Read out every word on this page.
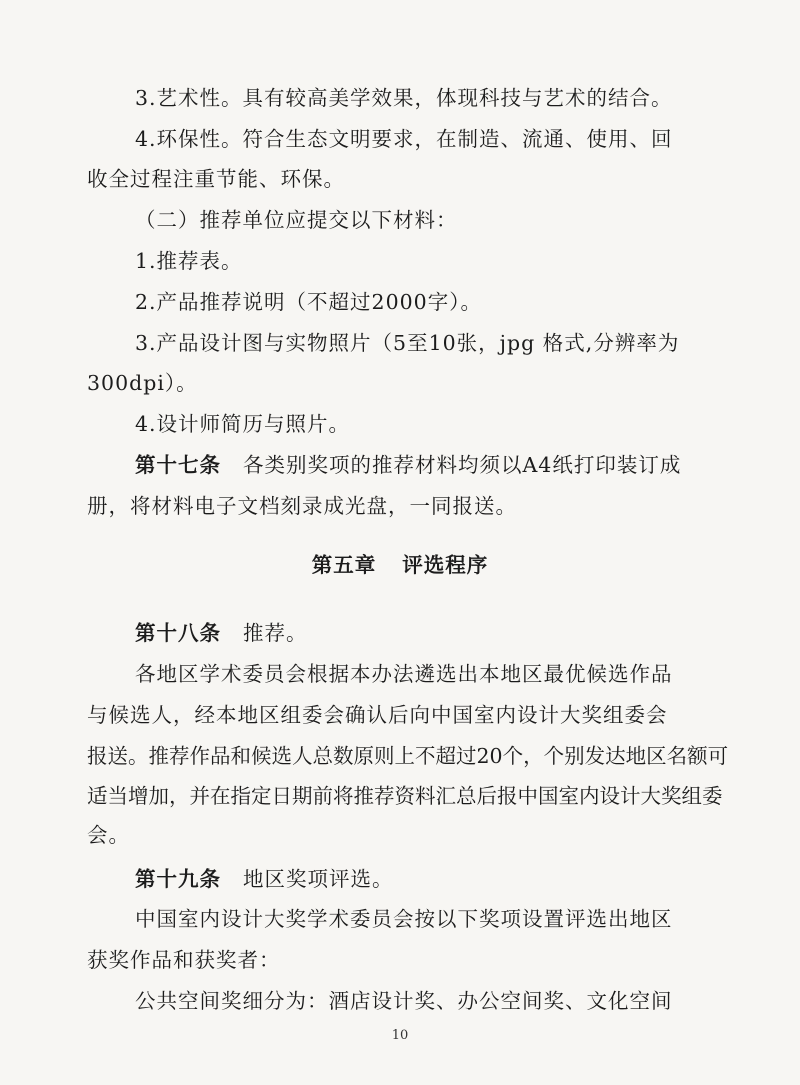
3.艺术性。具有较高美学效果，体现科技与艺术的结合。
4.环保性。符合生态文明要求，在制造、流通、使用、回
收全过程注重节能、环保。
（二）推荐单位应提交以下材料：
1.推荐表。
2.产品推荐说明（不超过2000字）。
3.产品设计图与实物照片（5至10张，jpg 格式,分辨率为
300dpi）。
4.设计师简历与照片。
第十七条 各类别奖项的推荐材料均须以A4纸打印装订成
册，将材料电子文档刻录成光盘，一同报送。
第五章 评选程序
第十八条 推荐。
各地区学术委员会根据本办法遴选出本地区最优候选作品
与候选人，经本地区组委会确认后向中国室内设计大奖组委会
报送。推荐作品和候选人总数原则上不超过20个，个别发达地区名额可
适当增加，并在指定日期前将推荐资料汇总后报中国室内设计大奖组委
会。
第十九条 地区奖项评选。
中国室内设计大奖学术委员会按以下奖项设置评选出地区
获奖作品和获奖者：
公共空间奖细分为：酒店设计奖、办公空间奖、文化空间
10
